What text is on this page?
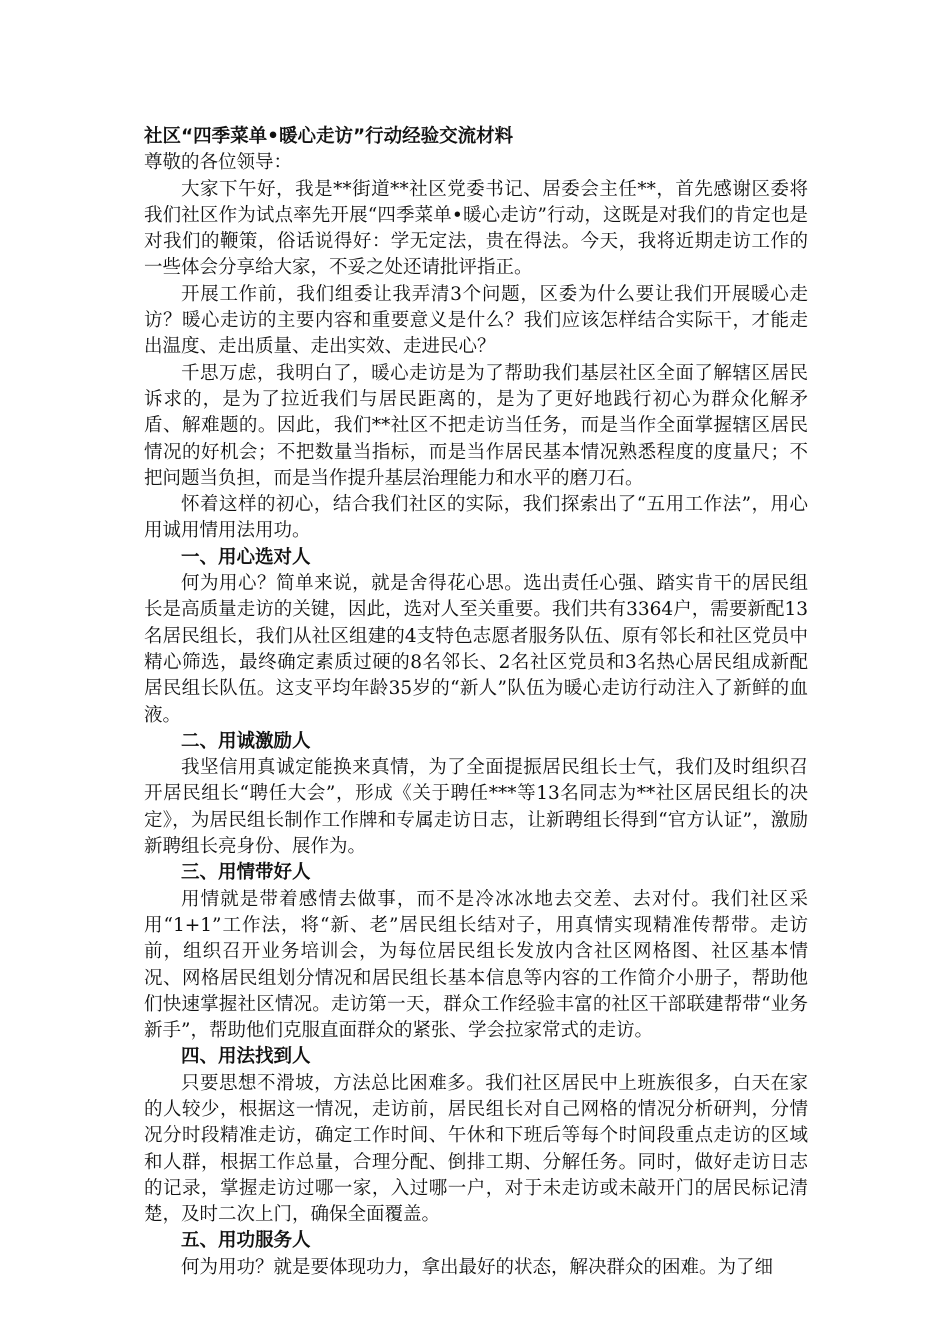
社区“四季菜单•暖心走访”行动经验交流材料

尊敬的各位领导：

大家下午好，我是**街道**社区党委书记、居委会主任**，首先感谢区委将我们社区作为试点率先开展“四季菜单•暖心走访”行动，这既是对我们的肯定也是对我们的鞭策，俗话说得好：学无定法，贵在得法。今天，我将近期走访工作的一些体会分享给大家，不妥之处还请批评指正。

开展工作前，我们组委让我弄清3个问题，区委为什么要让我们开展暖心走访？暖心走访的主要内容和重要意义是什么？我们应该怎样结合实际干，才能走出温度、走出质量、走出实效、走进民心？

千思万虑，我明白了，暖心走访是为了帮助我们基层社区全面了解辖区居民诉求的，是为了拉近我们与居民距离的，是为了更好地践行初心为群众化解矛盾、解难题的。因此，我们**社区不把走访当任务，而是当作全面掌握辖区居民情况的好机会；不把数量当指标，而是当作居民基本情况熟悉程度的度量尺；不把问题当负担，而是当作提升基层治理能力和水平的磨刀石。

怀着这样的初心，结合我们社区的实际，我们探索出了“五用工作法”，用心用诚用情用法用功。

一、用心选对人

何为用心？简单来说，就是舍得花心思。选出责任心强、踏实肯干的居民组长是高质量走访的关键，因此，选对人至关重要。我们共有3364户，需要新配13名居民组长，我们从社区组建的4支特色志愿者服务队伍、原有邻长和社区党员中精心筛选，最终确定素质过硬的8名邻长、2名社区党员和3名热心居民组成新配居民组长队伍。这支平均年龄35岁的“新人”队伍为暖心走访行动注入了新鲜的血液。

二、用诚激励人

我坚信用真诚定能换来真情，为了全面提振居民组长士气，我们及时组织召开居民组长“聘任大会”，形成《关于聘任***等13名同志为**社区居民组长的决定》，为居民组长制作工作牌和专属走访日志，让新聘组长得到“官方认证”，激励新聘组长亮身份、展作为。

三、用情带好人

用情就是带着感情去做事，而不是冷冰冰地去交差、去对付。我们社区采用“1+1”工作法，将“新、老”居民组长结对子，用真情实现精准传帮带。走访前，组织召开业务培训会，为每位居民组长发放内含社区网格图、社区基本情况、网格居民组划分情况和居民组长基本信息等内容的工作简介小册子，帮助他们快速掌握社区情况。走访第一天，群众工作经验丰富的社区干部联建帮带“业务新手”，帮助他们克服直面群众的紧张、学会拉家常式的走访。

四、用法找到人

只要思想不滑坡，方法总比困难多。我们社区居民中上班族很多，白天在家的人较少，根据这一情况，走访前，居民组长对自己网格的情况分析研判，分情况分时段精准走访，确定工作时间、午休和下班后等每个时间段重点走访的区域和人群，根据工作总量，合理分配、倒排工期、分解任务。同时，做好走访日志的记录，掌握走访过哪一家，入过哪一户，对于未走访或未敲开门的居民标记清楚，及时二次上门，确保全面覆盖。

五、用功服务人

何为用功？就是要体现功力，拿出最好的状态，解决群众的困难。为了细
